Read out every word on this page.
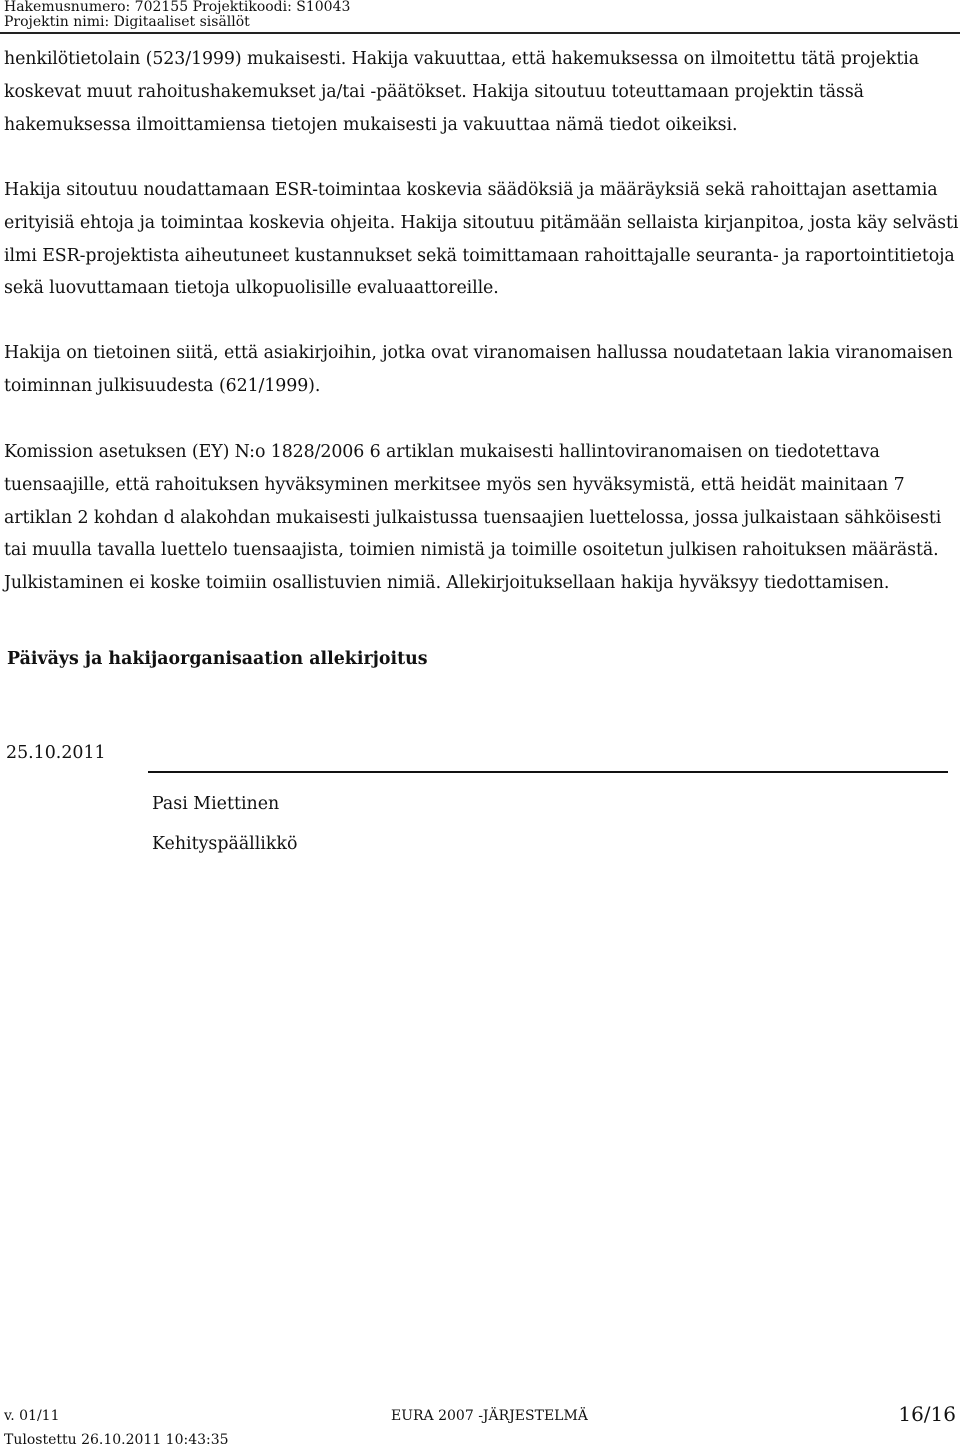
Hakemusnumero: 702155 Projektikoodi: S10043
Projektin nimi: Digitaaliset sisällöt

henkilötietolain (523/1999) mukaisesti. Hakija vakuuttaa, että hakemuksessa on ilmoitettu tätä projektia koskevat muut rahoitushakemukset ja/tai -päätökset. Hakija sitoutuu toteuttamaan projektin tässä hakemuksessa ilmoittamiensa tietojen mukaisesti ja vakuuttaa nämä tiedot oikeiksi.

Hakija sitoutuu noudattamaan ESR-toimintaa koskevia säädöksiä ja määräyksiä sekä rahoittajan asettamia erityisiä ehtoja ja toimintaa koskevia ohjeita. Hakija sitoutuu pitämään sellaista kirjanpitoa, josta käy selvästi ilmi ESR-projektista aiheutuneet kustannukset sekä toimittamaan rahoittajalle seuranta- ja raportointitietoja sekä luovuttamaan tietoja ulkopuolisille evaluaattoreille.

Hakija on tietoinen siitä, että asiakirjoihin, jotka ovat viranomaisen hallussa noudatetaan lakia viranomaisen toiminnan julkisuudesta (621/1999).

Komission asetuksen (EY) N:o 1828/2006 6 artiklan mukaisesti hallintoviranomaisen on tiedotettava tuensaajille, että rahoituksen hyväksyminen merkitsee myös sen hyväksymistä, että heidät mainitaan 7 artiklan 2 kohdan d alakohdan mukaisesti julkaistussa tuensaajien luettelossa, jossa julkaistaan sähköisesti tai muulla tavalla luettelo tuensaajista, toimien nimistä ja toimille osoitetun julkisen rahoituksen määrästä. Julkistaminen ei koske toimiin osallistuvien nimiä. Allekirjoituksellaan hakija hyväksyy tiedottamisen.

Päiväys ja hakijaorganisaation allekirjoitus
25.10.2011
Pasi Miettinen
Kehityspäällikkö
v. 01/11	EURA 2007 -JÄRJESTELMÄ	16/16
Tulostettu 26.10.2011 10:43:35
